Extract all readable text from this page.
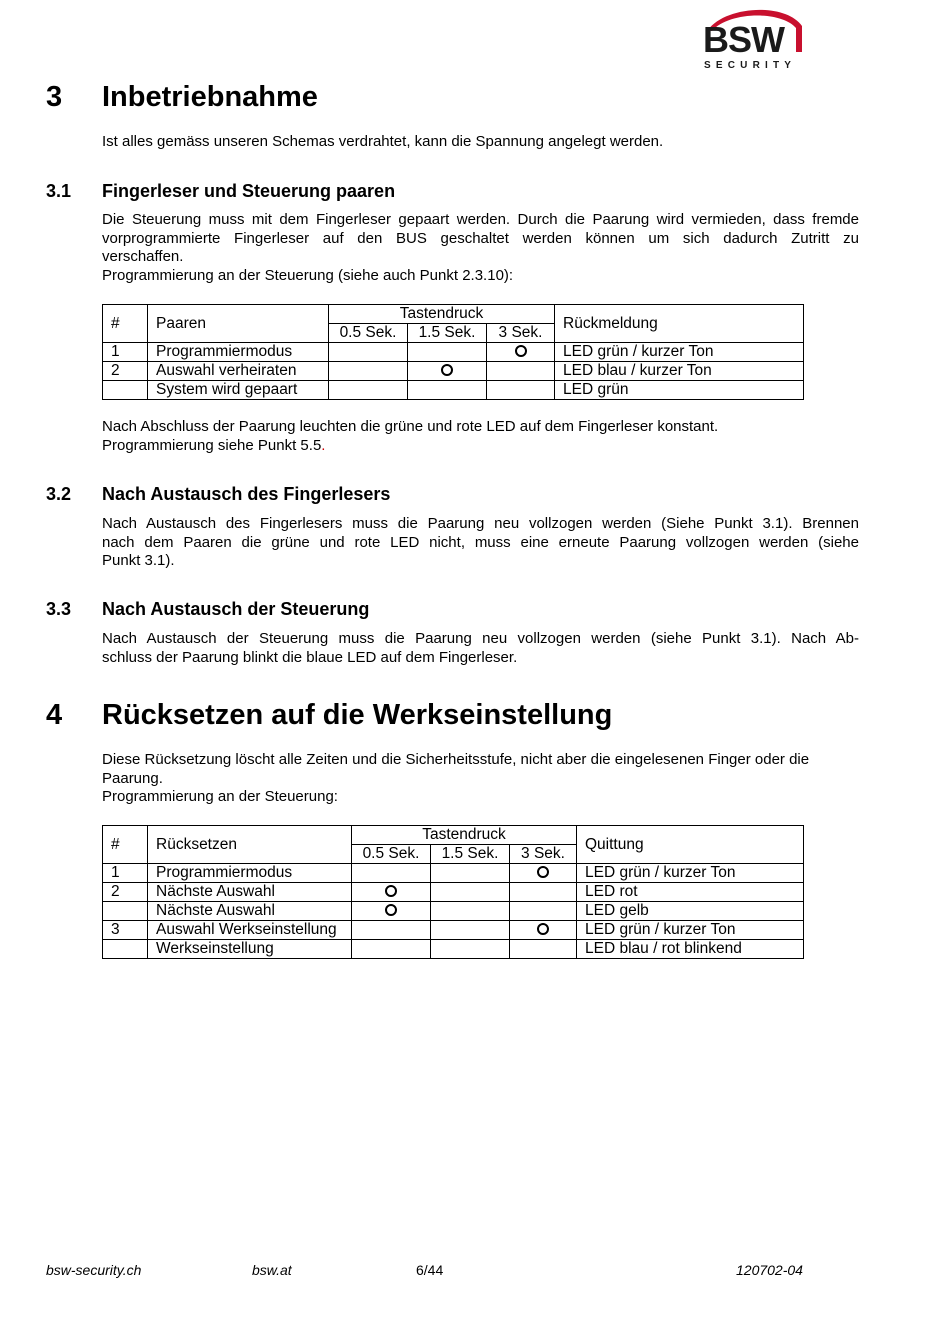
BSW
SECURITY
3 Inbetriebnahme
Ist alles gemäss unseren Schemas verdrahtet, kann die Spannung angelegt werden.
3.1 Fingerleser und Steuerung paaren
Die Steuerung muss mit dem Fingerleser gepaart werden. Durch die Paarung wird vermieden, dass fremde
vorprogrammierte Fingerleser auf den BUS geschaltet werden können um sich dadurch Zutritt zu
verschaffen.
Programmierung an der Steuerung (siehe auch Punkt 2.3.10):
#	Paaren	Tastendruck			Rückmeldung
		0.5 Sek.	1.5 Sek.	3 Sek.	
1	Programmiermodus				LED grün / kurzer Ton
2	Auswahl verheiraten				LED blau / kurzer Ton
	System wird gepaart				LED grün
Nach Abschluss der Paarung leuchten die grüne und rote LED auf dem Fingerleser konstant.
Programmierung siehe Punkt 5.5.
3.2 Nach Austausch des Fingerlesers
Nach Austausch des Fingerlesers muss die Paarung neu vollzogen werden (Siehe Punkt 3.1). Brennen
nach dem Paaren die grüne und rote LED nicht, muss eine erneute Paarung vollzogen werden (siehe
Punkt 3.1).
3.3 Nach Austausch der Steuerung
Nach Austausch der Steuerung muss die Paarung neu vollzogen werden (siehe Punkt 3.1). Nach Ab-
schluss der Paarung blinkt die blaue LED auf dem Fingerleser.
4 Rücksetzen auf die Werkseinstellung
Diese Rücksetzung löscht alle Zeiten und die Sicherheitsstufe, nicht aber die eingelesenen Finger oder die
Paarung.
Programmierung an der Steuerung:
#	Rücksetzen	Tastendruck			Quittung
		0.5 Sek.	1.5 Sek.	3 Sek.	
1	Programmiermodus				LED grün / kurzer Ton
2	Nächste Auswahl				LED rot
	Nächste Auswahl				LED gelb
3	Auswahl Werkseinstellung				LED grün / kurzer Ton
	Werkseinstellung				LED blau / rot blinkend
bsw-security.ch	bsw.at	6/44	120702-04
